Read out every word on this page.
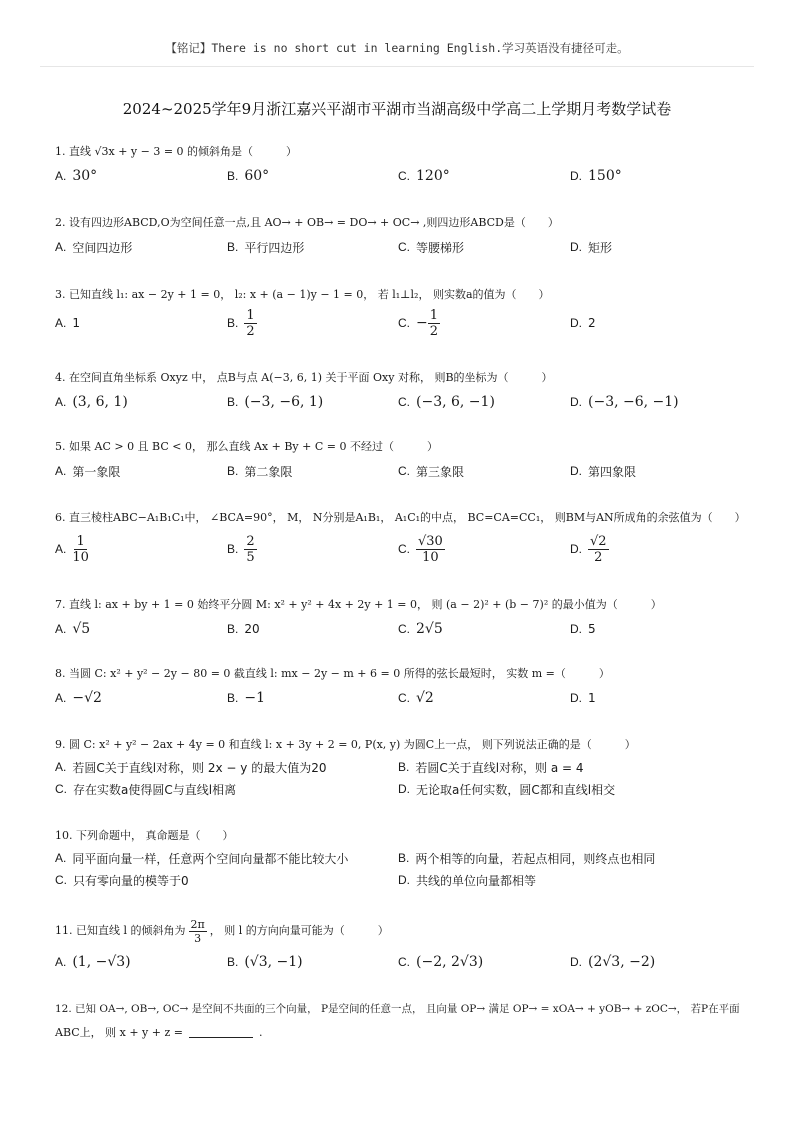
【铭记】There is no short cut in learning English.学习英语没有捷径可走。
2024~2025学年9月浙江嘉兴平湖市平湖市当湖高级中学高二上学期月考数学试卷
1. 直线 √3x + y − 3 = 0 的倾斜角是（　　　）
A. 30°	B. 60°	C. 120°	D. 150°
2. 设有四边形ABCD,O为空间任意一点,且 AO→ + OB→ = DO→ + OC→ ,则四边形ABCD是（　　）
A. 空间四边形	B. 平行四边形	C. 等腰梯形	D. 矩形
3. 已知直线 l₁: ax − 2y + 1 = 0， l₂: x + (a − 1)y − 1 = 0， 若 l₁⊥l₂， 则实数a的值为（　　）
A. 1	B. $\frac{1}{2}$	C. − $\frac{1}{2}$	D. 2
4. 在空间直角坐标系 Oxyz 中， 点B与点 A(−3, 6, 1) 关于平面 Oxy 对称， 则B的坐标为（　　　）
A. (3, 6, 1)	B. (−3, −6, 1)	C. (−3, 6, −1)	D. (−3, −6, −1)
5. 如果 AC > 0 且 BC < 0， 那么直线 Ax + By + C = 0 不经过（　　　）
A. 第一象限	B. 第二象限	C. 第三象限	D. 第四象限
6. 直三棱柱ABC−A₁B₁C₁中， ∠BCA=90°， M， N分别是A₁B₁， A₁C₁的中点， BC=CA=CC₁， 则BM与AN所成角的余弦值为（　　）
A. $\frac{1}{10}$	B. $\frac{2}{5}$	C. $\frac{√30}{10}$	D. $\frac{√2}{2}$
7. 直线 l: ax + by + 1 = 0 始终平分圆 M: x² + y² + 4x + 2y + 1 = 0， 则 (a − 2)² + (b − 7)² 的最小值为（　　　）
A. √5	B. 20	C. 2√5	D. 5
8. 当圆 C: x² + y² − 2y − 80 = 0 截直线 l: mx − 2y − m + 6 = 0 所得的弦长最短时， 实数 m =（　　　）
A. −√2	B. −1	C. √2	D. 1
9. 圆 C: x² + y² − 2ax + 4y = 0 和直线 l: x + 3y + 2 = 0, P(x, y) 为圆C上一点， 则下列说法正确的是（　　　）
A. 若圆C关于直线l对称，则 2x − y 的最大值为20	B. 若圆C关于直线l对称，则 a = 4
C. 存在实数a使得圆C与直线l相离	D. 无论取a任何实数，圆C都和直线l相交
10. 下列命题中， 真命题是（　　）
A. 同平面向量一样，任意两个空间向量都不能比较大小	B. 两个相等的向量，若起点相同，则终点也相同
C. 只有零向量的模等于0	D. 共线的单位向量都相等
11.
已知直线 l 的倾斜角为 $\frac{2\pi}{3}$ ， 则 l 的方向向量可能为（　　　）
A. (1, −√3)	B. (√3, −1)	C. (−2, 2√3)	D. (2√3, −2)
12. 已知 OA→, OB→, OC→ 是空间不共面的三个向量， P是空间的任意一点， 且向量 OP→ 满足 OP→ = xOA→ + yOB→ + zOC→， 若P在平面
ABC上， 则 x + y + z =	.
